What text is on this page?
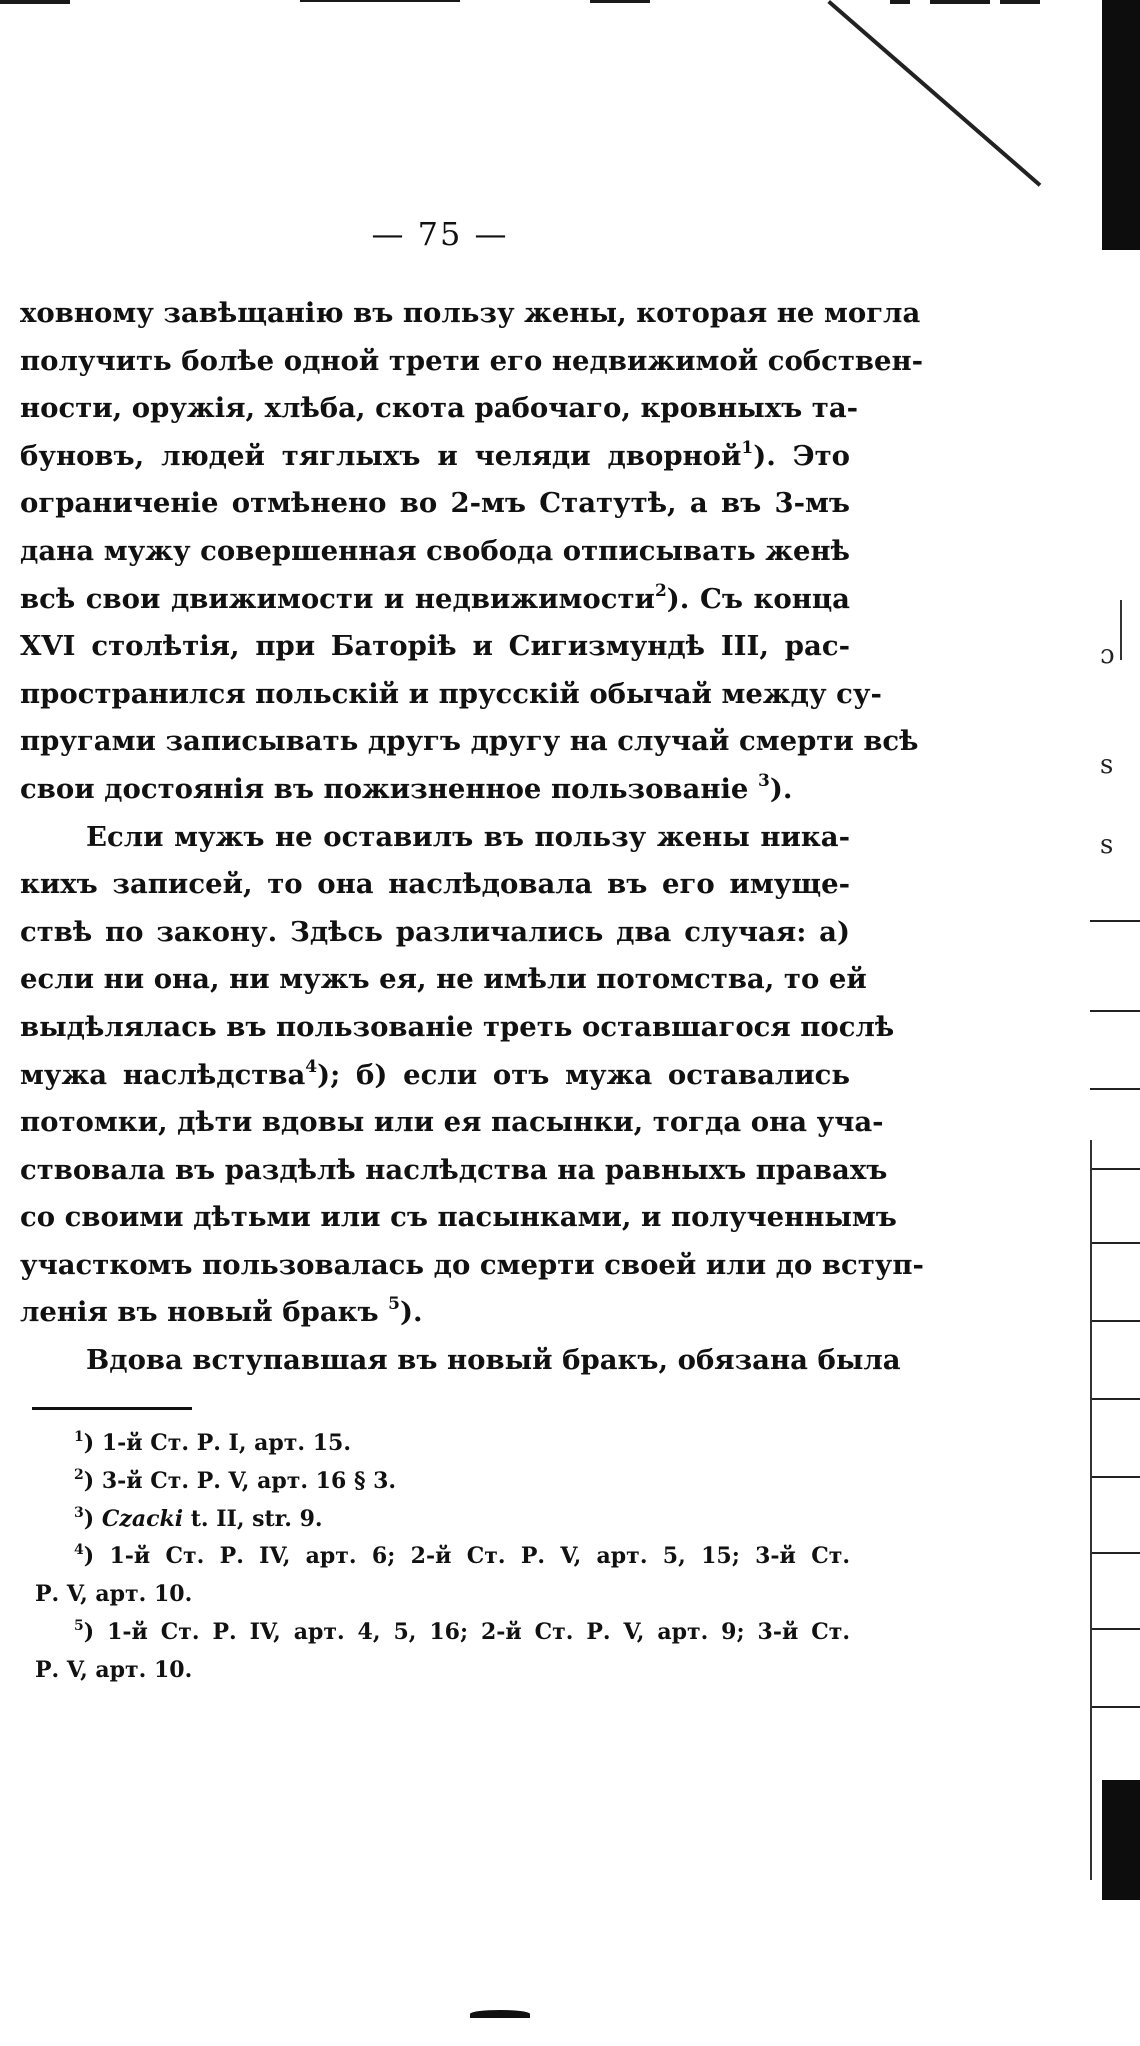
ɔ
s
s
— 75 —
ховному завѣщанію въ пользу жены, которая не могла
получить болѣе одной трети его недвижимой собствен-
ности, оружія, хлѣба, скота рабочаго, кровныхъ та-
буновъ, людей тяглыхъ и челяди дворной$^1$). Это
ограниченіе отмѣнено во 2-мъ Статутѣ, а въ 3-мъ
дана мужу совершенная свобода отписывать женѣ
всѣ свои движимости и недвижимости$^2$). Съ конца
XVI столѣтія, при Баторіѣ и Сигизмундѣ III, рас-
пространился польскій и прусскій обычай между су-
пругами записывать другъ другу на случай смерти всѣ
свои достоянія въ пожизненное пользованіе $^3$).
Если мужъ не оставилъ въ пользу жены ника-
кихъ записей, то она наслѣдовала въ его имуще-
ствѣ по закону. Здѣсь различались два случая: а)
если ни она, ни мужъ ея, не имѣли потомства, то ей
выдѣлялась въ пользованіе треть оставшагося послѣ
мужа наслѣдства$^4$); б) если отъ мужа оставались
потомки, дѣти вдовы или ея пасынки, тогда она уча-
ствовала въ раздѣлѣ наслѣдства на равныхъ правахъ
со своими дѣтьми или съ пасынками, и полученнымъ
участкомъ пользовалась до смерти своей или до вступ-
ленія въ новый бракъ $^5$).
Вдова вступавшая въ новый бракъ, обязана была
$^1$) 1-й Ст. Р. I, арт. 15.
$^2$) 3-й Ст. Р. V, арт. 16 § 3.
$^3$) Czacki t. II, str. 9.
$^4$) 1-й Ст. Р. IV, арт. 6; 2-й Ст. Р. V, арт. 5, 15; 3-й Ст.
Р. V, арт. 10.
$^5$) 1-й Ст. Р. IV, арт. 4, 5, 16; 2-й Ст. Р. V, арт. 9; 3-й Ст.
Р. V, арт. 10.
